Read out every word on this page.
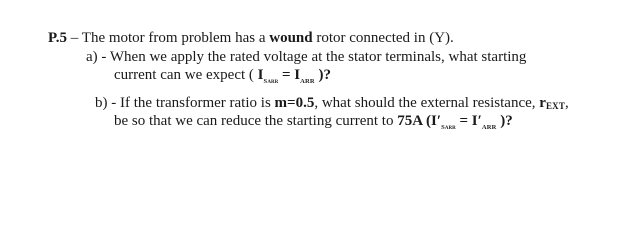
P.5 – The motor from problem has a wound rotor connected in (Y).
a) - When we apply the rated voltage at the stator terminals, what starting
current can we expect ( $I_{SARR} = I_{ARR}$ )?
b) - If the transformer ratio is m=0.5, what should the external resistance, rEXT,
be so that we can reduce the starting current to 75A (Iʹ$_{SARR}$ = Iʹ$_{ARR}$ )?
